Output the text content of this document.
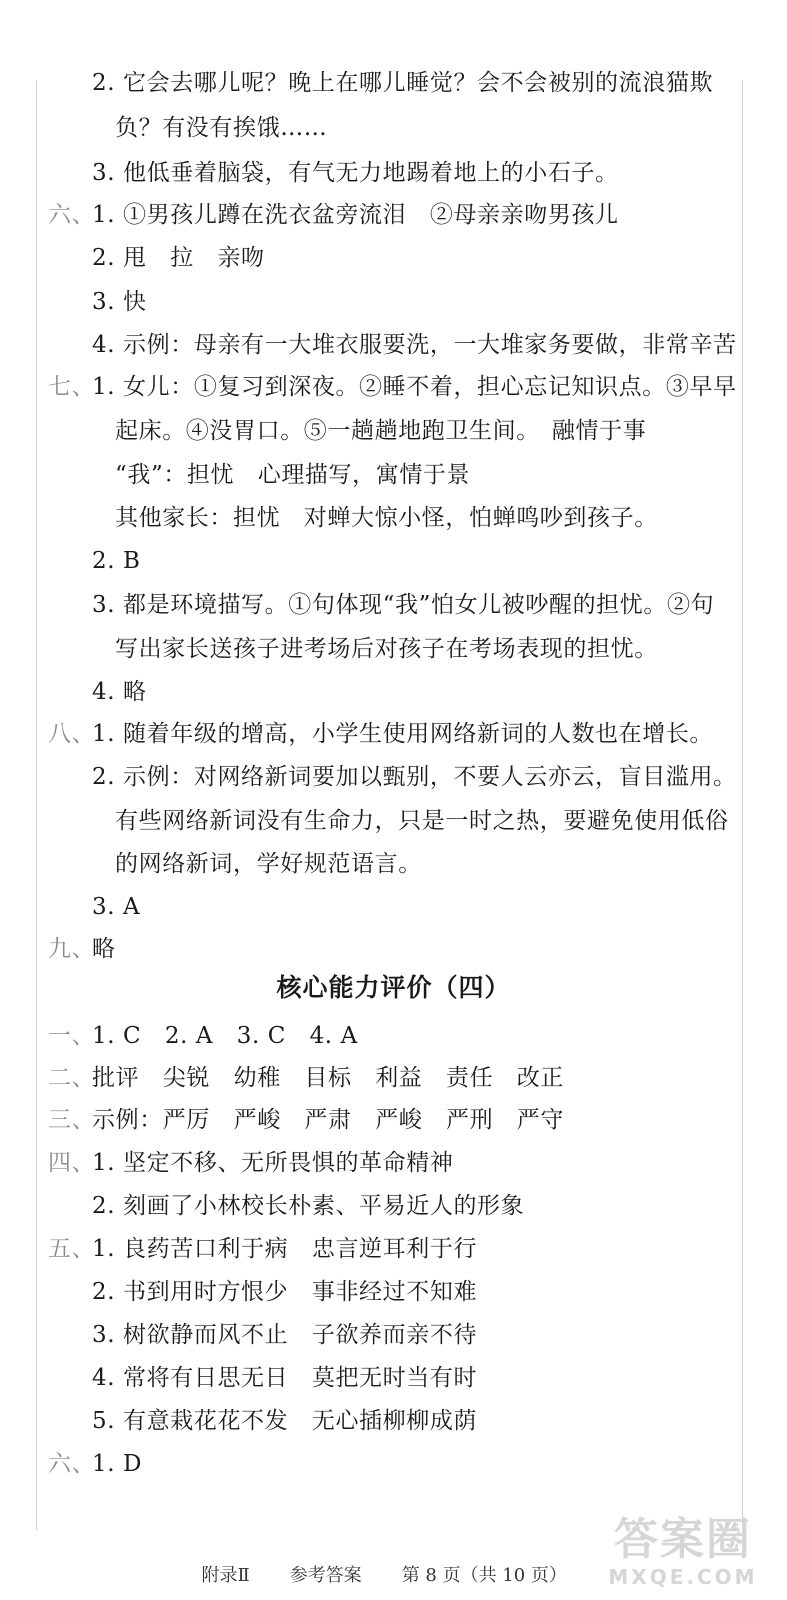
2. 它会去哪儿呢？晚上在哪儿睡觉？会不会被别的流浪猫欺
负？有没有挨饿……
3. 他低垂着脑袋，有气无力地踢着地上的小石子。
六、
1. ①男孩儿蹲在洗衣盆旁流泪　②母亲亲吻男孩儿
2. 甩　拉　亲吻
3. 快
4. 示例：母亲有一大堆衣服要洗，一大堆家务要做，非常辛苦
七、
1. 女儿：①复习到深夜。②睡不着，担心忘记知识点。③早早
起床。④没胃口。⑤一趟趟地跑卫生间。　融情于事
“我”：担忧　心理描写，寓情于景
其他家长：担忧　对蝉大惊小怪，怕蝉鸣吵到孩子。
2. B
3. 都是环境描写。①句体现“我”怕女儿被吵醒的担忧。②句
写出家长送孩子进考场后对孩子在考场表现的担忧。
4. 略
八、
1. 随着年级的增高，小学生使用网络新词的人数也在增长。
2. 示例：对网络新词要加以甄别，不要人云亦云，盲目滥用。
有些网络新词没有生命力，只是一时之热，要避免使用低俗
的网络新词，学好规范语言。
3. A
九、
略
核心能力评价（四）
一、
1. C　2. A　3. C　4. A
二、
批评　尖锐　幼稚　目标　利益　责任　改正
三、
示例：严厉　严峻　严肃　严峻　严刑　严守
四、
1. 坚定不移、无所畏惧的革命精神
2. 刻画了小林校长朴素、平易近人的形象
五、
1. 良药苦口利于病　忠言逆耳利于行
2. 书到用时方恨少　事非经过不知难
3. 树欲静而风不止　子欲养而亲不待
4. 常将有日思无日　莫把无时当有时
5. 有意栽花花不发　无心插柳柳成荫
六、
1. D

附录Ⅱ 参考答案 第 8 页（共 10 页）

答案圈
MXQE.COM
